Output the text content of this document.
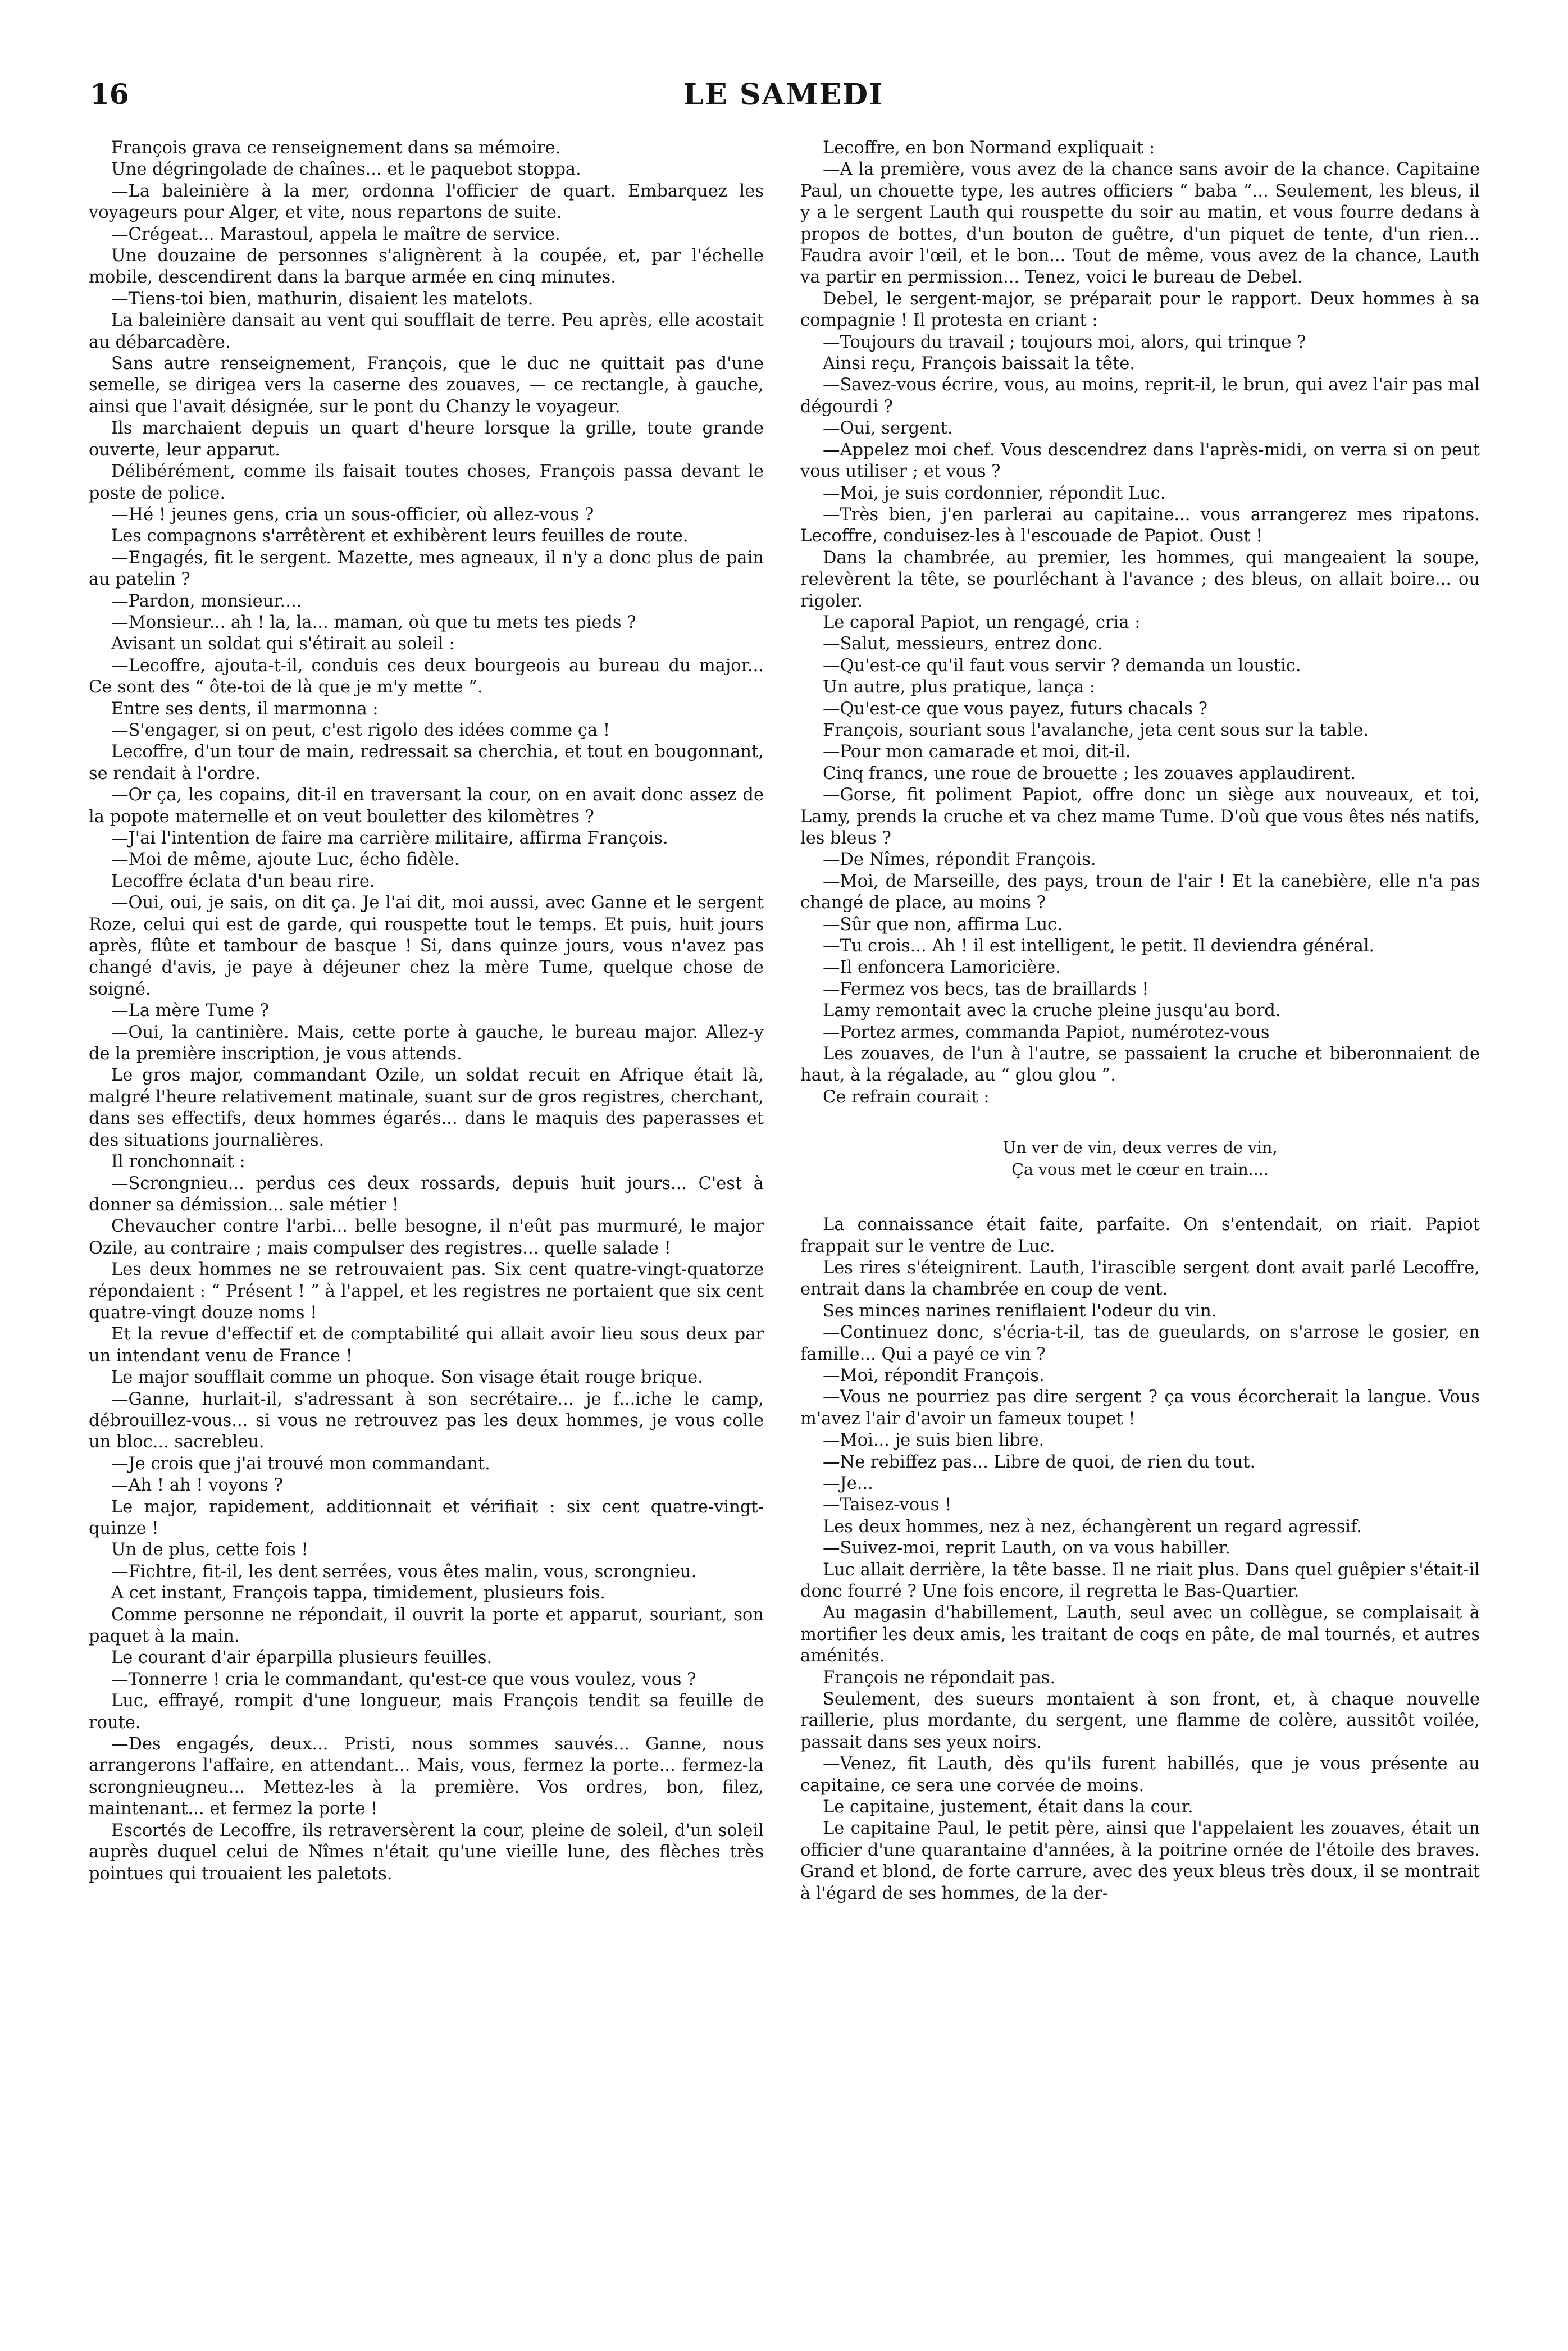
16	LE SAMEDI

François grava ce renseignement dans sa mémoire.

Une dégringolade de chaînes... et le paquebot stoppa.

—La baleinière à la mer, ordonna l'officier de quart. Embarquez les voyageurs pour Alger, et vite, nous repartons de suite.

—Crégeat... Marastoul, appela le maître de service.

Une douzaine de personnes s'alignèrent à la coupée, et, par l'échelle mobile, descendirent dans la barque armée en cinq minutes.

—Tiens-toi bien, mathurin, disaient les matelots.

La baleinière dansait au vent qui soufflait de terre. Peu après, elle acostait au débarcadère.

Sans autre renseignement, François, que le duc ne quittait pas d'une semelle, se dirigea vers la caserne des zouaves, — ce rectangle, à gauche, ainsi que l'avait désignée, sur le pont du Chanzy le voyageur.

Ils marchaient depuis un quart d'heure lorsque la grille, toute grande ouverte, leur apparut.

Délibérément, comme ils faisait toutes choses, François passa devant le poste de police.

—Hé ! jeunes gens, cria un sous-officier, où allez-vous ?

Les compagnons s'arrêtèrent et exhibèrent leurs feuilles de route.

—Engagés, fit le sergent. Mazette, mes agneaux, il n'y a donc plus de pain au patelin ?

—Pardon, monsieur....

—Monsieur... ah ! la, la... maman, où que tu mets tes pieds ?

Avisant un soldat qui s'étirait au soleil :

—Lecoffre, ajouta-t-il, conduis ces deux bourgeois au bureau du major... Ce sont des “ ôte-toi de là que je m'y mette ”.

Entre ses dents, il marmonna :

—S'engager, si on peut, c'est rigolo des idées comme ça !

Lecoffre, d'un tour de main, redressait sa cherchia, et tout en bougonnant, se rendait à l'ordre.

—Or ça, les copains, dit-il en traversant la cour, on en avait donc assez de la popote maternelle et on veut bouletter des kilomètres ?

—J'ai l'intention de faire ma carrière militaire, affirma François.

—Moi de même, ajoute Luc, écho fidèle.

Lecoffre éclata d'un beau rire.

—Oui, oui, je sais, on dit ça. Je l'ai dit, moi aussi, avec Ganne et le sergent Roze, celui qui est de garde, qui rouspette tout le temps. Et puis, huit jours après, flûte et tambour de basque ! Si, dans quinze jours, vous n'avez pas changé d'avis, je paye à déjeuner chez la mère Tume, quelque chose de soigné.

—La mère Tume ?

—Oui, la cantinière. Mais, cette porte à gauche, le bureau major. Allez-y de la première inscription, je vous attends.

Le gros major, commandant Ozile, un soldat recuit en Afrique était là, malgré l'heure relativement matinale, suant sur de gros registres, cherchant, dans ses effectifs, deux hommes égarés... dans le maquis des paperasses et des situations journalières.

Il ronchonnait :

—Scrongnieu... perdus ces deux rossards, depuis huit jours... C'est à donner sa démission... sale métier !

Chevaucher contre l'arbi... belle besogne, il n'eût pas murmuré, le major Ozile, au contraire ; mais compulser des registres... quelle salade !

Les deux hommes ne se retrouvaient pas. Six cent quatre-vingt-quatorze répondaient : “ Présent ! ” à l'appel, et les registres ne portaient que six cent quatre-vingt douze noms !

Et la revue d'effectif et de comptabilité qui allait avoir lieu sous deux par un intendant venu de France !

Le major soufflait comme un phoque. Son visage était rouge brique.

—Ganne, hurlait-il, s'adressant à son secrétaire... je f...iche le camp, débrouillez-vous... si vous ne retrouvez pas les deux hommes, je vous colle un bloc... sacrebleu.

—Je crois que j'ai trouvé mon commandant.

—Ah ! ah ! voyons ?

Le major, rapidement, additionnait et vérifiait : six cent quatre-vingt-quinze !

Un de plus, cette fois !

—Fichtre, fit-il, les dent serrées, vous êtes malin, vous, scrongnieu.

A cet instant, François tappa, timidement, plusieurs fois.

Comme personne ne répondait, il ouvrit la porte et apparut, souriant, son paquet à la main.

Le courant d'air éparpilla plusieurs feuilles.

—Tonnerre ! cria le commandant, qu'est-ce que vous voulez, vous ?

Luc, effrayé, rompit d'une longueur, mais François tendit sa feuille de route.

—Des engagés, deux... Pristi, nous sommes sauvés... Ganne, nous arrangerons l'affaire, en attendant... Mais, vous, fermez la porte... fermez-la scrongnieugneu... Mettez-les à la première. Vos ordres, bon, filez, maintenant... et fermez la porte !

Escortés de Lecoffre, ils retraversèrent la cour, pleine de soleil, d'un soleil auprès duquel celui de Nîmes n'était qu'une vieille lune, des flèches très pointues qui trouaient les paletots.

Lecoffre, en bon Normand expliquait :

—A la première, vous avez de la chance sans avoir de la chance. Capitaine Paul, un chouette type, les autres officiers “ baba ”... Seulement, les bleus, il y a le sergent Lauth qui rouspette du soir au matin, et vous fourre dedans à propos de bottes, d'un bouton de guêtre, d'un piquet de tente, d'un rien... Faudra avoir l'œil, et le bon... Tout de même, vous avez de la chance, Lauth va partir en permission... Tenez, voici le bureau de Debel.

Debel, le sergent-major, se préparait pour le rapport. Deux hommes à sa compagnie ! Il protesta en criant :

—Toujours du travail ; toujours moi, alors, qui trinque ?

Ainsi reçu, François baissait la tête.

—Savez-vous écrire, vous, au moins, reprit-il, le brun, qui avez l'air pas mal dégourdi ?

—Oui, sergent.

—Appelez moi chef. Vous descendrez dans l'après-midi, on verra si on peut vous utiliser ; et vous ?

—Moi, je suis cordonnier, répondit Luc.

—Très bien, j'en parlerai au capitaine... vous arrangerez mes ripatons. Lecoffre, conduisez-les à l'escouade de Papiot. Oust !

Dans la chambrée, au premier, les hommes, qui mangeaient la soupe, relevèrent la tête, se pourléchant à l'avance ; des bleus, on allait boire... ou rigoler.

Le caporal Papiot, un rengagé, cria :

—Salut, messieurs, entrez donc.

—Qu'est-ce qu'il faut vous servir ? demanda un loustic.

Un autre, plus pratique, lança :

—Qu'est-ce que vous payez, futurs chacals ?

François, souriant sous l'avalanche, jeta cent sous sur la table.

—Pour mon camarade et moi, dit-il.

Cinq francs, une roue de brouette ; les zouaves applaudirent.

—Gorse, fit poliment Papiot, offre donc un siège aux nouveaux, et toi, Lamy, prends la cruche et va chez mame Tume. D'où que vous êtes nés natifs, les bleus ?

—De Nîmes, répondit François.

—Moi, de Marseille, des pays, troun de l'air ! Et la canebière, elle n'a pas changé de place, au moins ?

—Sûr que non, affirma Luc.

—Tu crois... Ah ! il est intelligent, le petit. Il deviendra général.

—Il enfoncera Lamoricière.

—Fermez vos becs, tas de braillards !

Lamy remontait avec la cruche pleine jusqu'au bord.

—Portez armes, commanda Papiot, numérotez-vous

Les zouaves, de l'un à l'autre, se passaient la cruche et biberonnaient de haut, à la régalade, au “ glou glou ”.

Ce refrain courait :

Un ver de vin, deux verres de vin,
Ça vous met le cœur en train....

La connaissance était faite, parfaite. On s'entendait, on riait. Papiot frappait sur le ventre de Luc.

Les rires s'éteignirent. Lauth, l'irascible sergent dont avait parlé Lecoffre, entrait dans la chambrée en coup de vent.

Ses minces narines reniflaient l'odeur du vin.

—Continuez donc, s'écria-t-il, tas de gueulards, on s'arrose le gosier, en famille... Qui a payé ce vin ?

—Moi, répondit François.

—Vous ne pourriez pas dire sergent ? ça vous écorcherait la langue. Vous m'avez l'air d'avoir un fameux toupet !

—Moi... je suis bien libre.

—Ne rebiffez pas... Libre de quoi, de rien du tout.

—Je...

—Taisez-vous !

Les deux hommes, nez à nez, échangèrent un regard agressif.

—Suivez-moi, reprit Lauth, on va vous habiller.

Luc allait derrière, la tête basse. Il ne riait plus. Dans quel guêpier s'était-il donc fourré ? Une fois encore, il regretta le Bas-Quartier.

Au magasin d'habillement, Lauth, seul avec un collègue, se complaisait à mortifier les deux amis, les traitant de coqs en pâte, de mal tournés, et autres aménités.

François ne répondait pas.

Seulement, des sueurs montaient à son front, et, à chaque nouvelle raillerie, plus mordante, du sergent, une flamme de colère, aussitôt voilée, passait dans ses yeux noirs.

—Venez, fit Lauth, dès qu'ils furent habillés, que je vous présente au capitaine, ce sera une corvée de moins.

Le capitaine, justement, était dans la cour.

Le capitaine Paul, le petit père, ainsi que l'appelaient les zouaves, était un officier d'une quarantaine d'années, à la poitrine ornée de l'étoile des braves. Grand et blond, de forte carrure, avec des yeux bleus très doux, il se montrait à l'égard de ses hommes, de la der-
